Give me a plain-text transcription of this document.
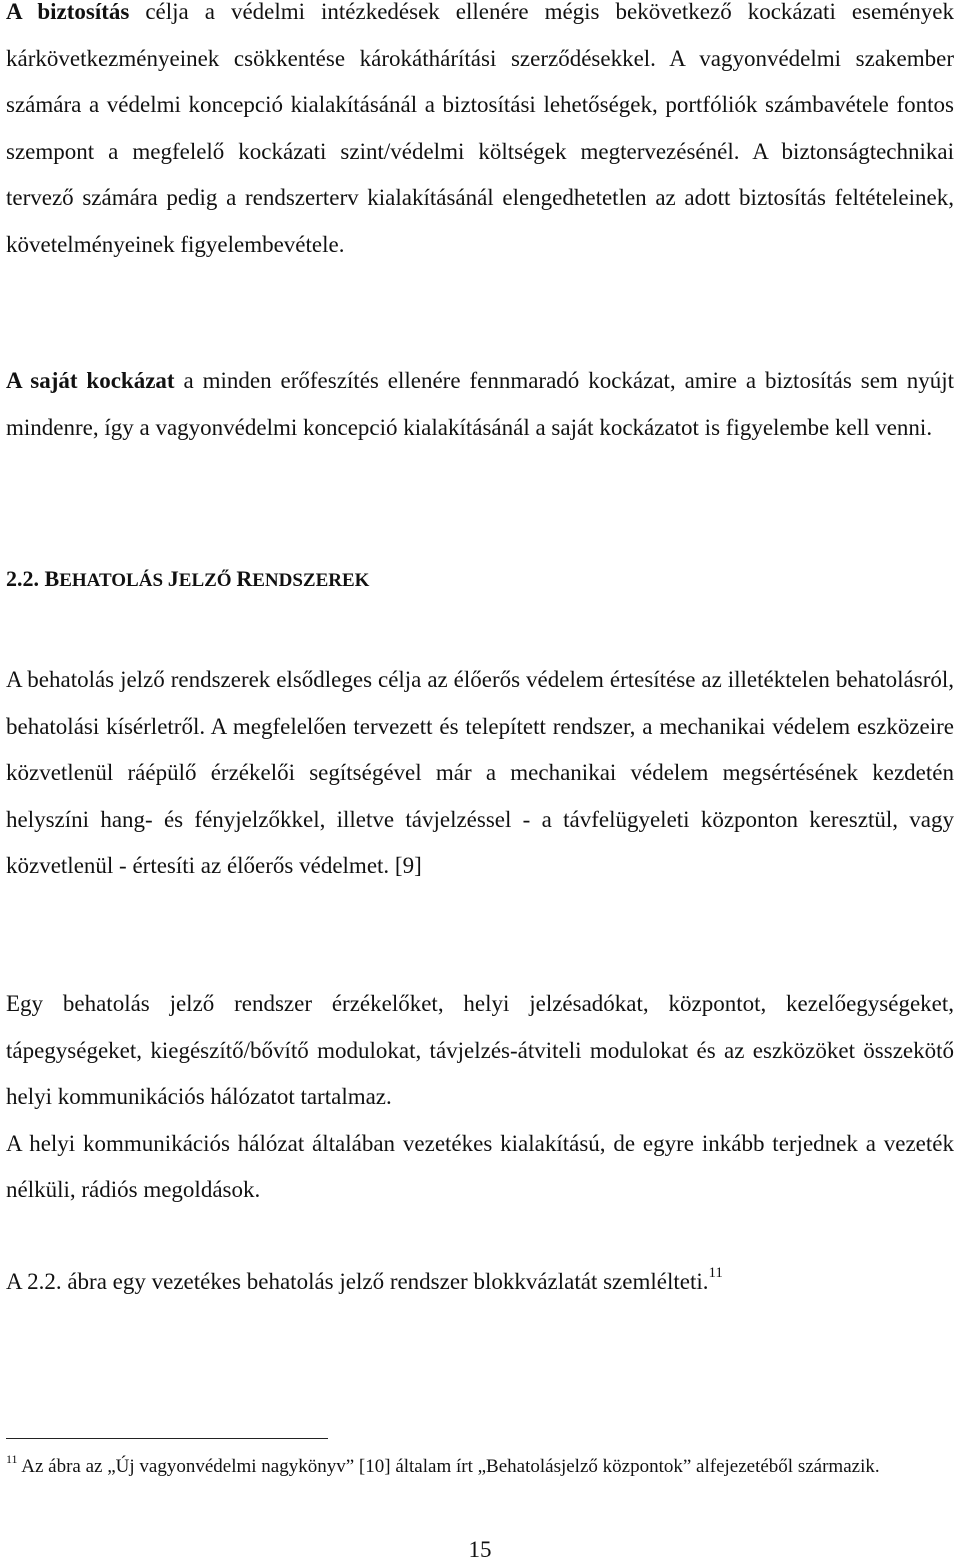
A biztosítás célja a védelmi intézkedések ellenére mégis bekövetkező kockázati események kárkövetkezményeinek csökkentése károkáthárítási szerződésekkel. A vagyonvédelmi szakember számára a védelmi koncepció kialakításánál a biztosítási lehetőségek, portfóliók számbavétele fontos szempont a megfelelő kockázati szint/védelmi költségek megtervezésénél. A biztonságtechnikai tervező számára pedig a rendszerterv kialakításánál elengedhetetlen az adott biztosítás feltételeinek, követelményeinek figyelembevétele.

A saját kockázat a minden erőfeszítés ellenére fennmaradó kockázat, amire a biztosítás sem nyújt mindenre, így a vagyonvédelmi koncepció kialakításánál a saját kockázatot is figyelembe kell venni.

2.2. BEHATOLÁS JELZŐ RENDSZEREK

A behatolás jelző rendszerek elsődleges célja az élőerős védelem értesítése az illetéktelen behatolásról, behatolási kísérletről. A megfelelően tervezett és telepített rendszer, a mechanikai védelem eszközeire közvetlenül ráépülő érzékelői segítségével már a mechanikai védelem megsértésének kezdetén helyszíni hang- és fényjelzőkkel, illetve távjelzéssel - a távfelügyeleti központon keresztül, vagy közvetlenül - értesíti az élőerős védelmet. [9]

Egy behatolás jelző rendszer érzékelőket, helyi jelzésadókat, központot, kezelőegységeket, tápegységeket, kiegészítő/bővítő modulokat, távjelzés-átviteli modulokat és az eszközöket összekötő helyi kommunikációs hálózatot tartalmaz.

A helyi kommunikációs hálózat általában vezetékes kialakítású, de egyre inkább terjednek a vezeték nélküli, rádiós megoldások.

A 2.2. ábra egy vezetékes behatolás jelző rendszer blokkvázlatát szemlélteti.$^{11}$

$^{11}$ Az ábra az „Új vagyonvédelmi nagykönyv” [10] általam írt „Behatolásjelző központok” alfejezetéből származik.

15
